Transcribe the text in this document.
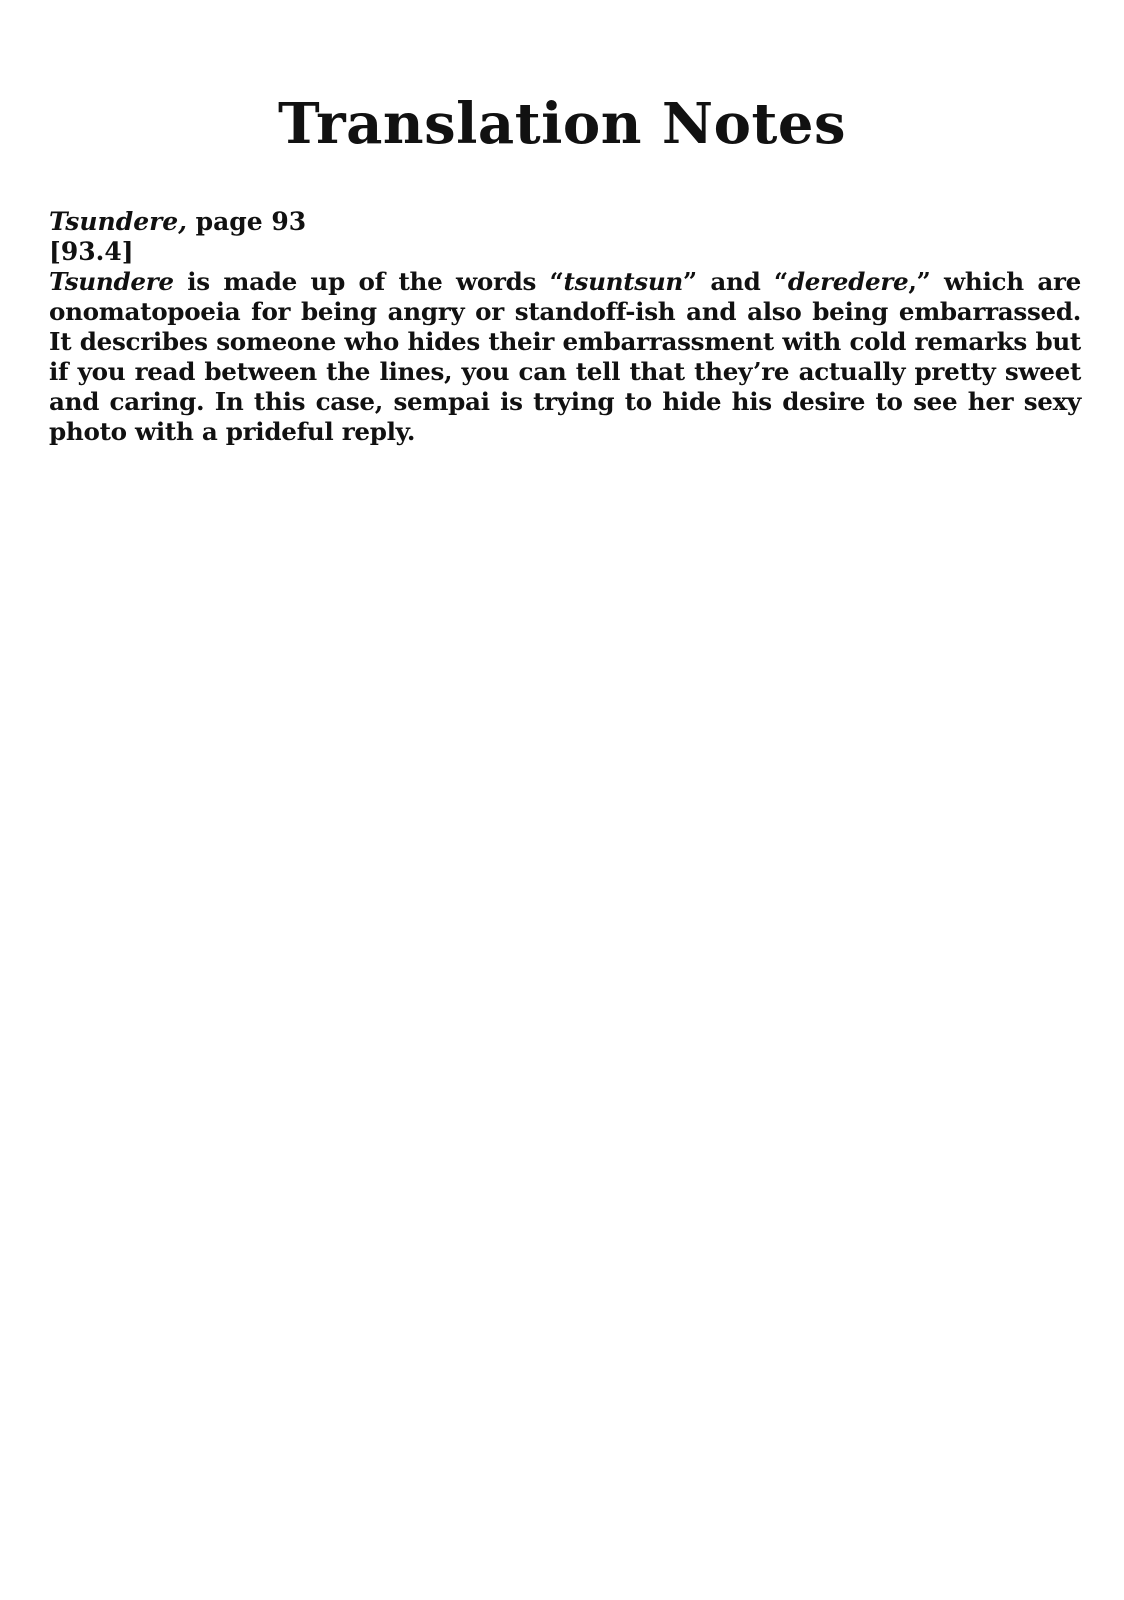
Translation Notes
Tsundere, page 93
[93.4]

Tsundere is made up of the words “tsuntsun” and “deredere,” which are onomatopoeia for being angry or standoff-ish and also being embarrassed. It describes someone who hides their embarrassment with cold remarks but if you read between the lines, you can tell that they’re actually pretty sweet and caring. In this case, sempai is trying to hide his desire to see her sexy photo with a prideful reply.
